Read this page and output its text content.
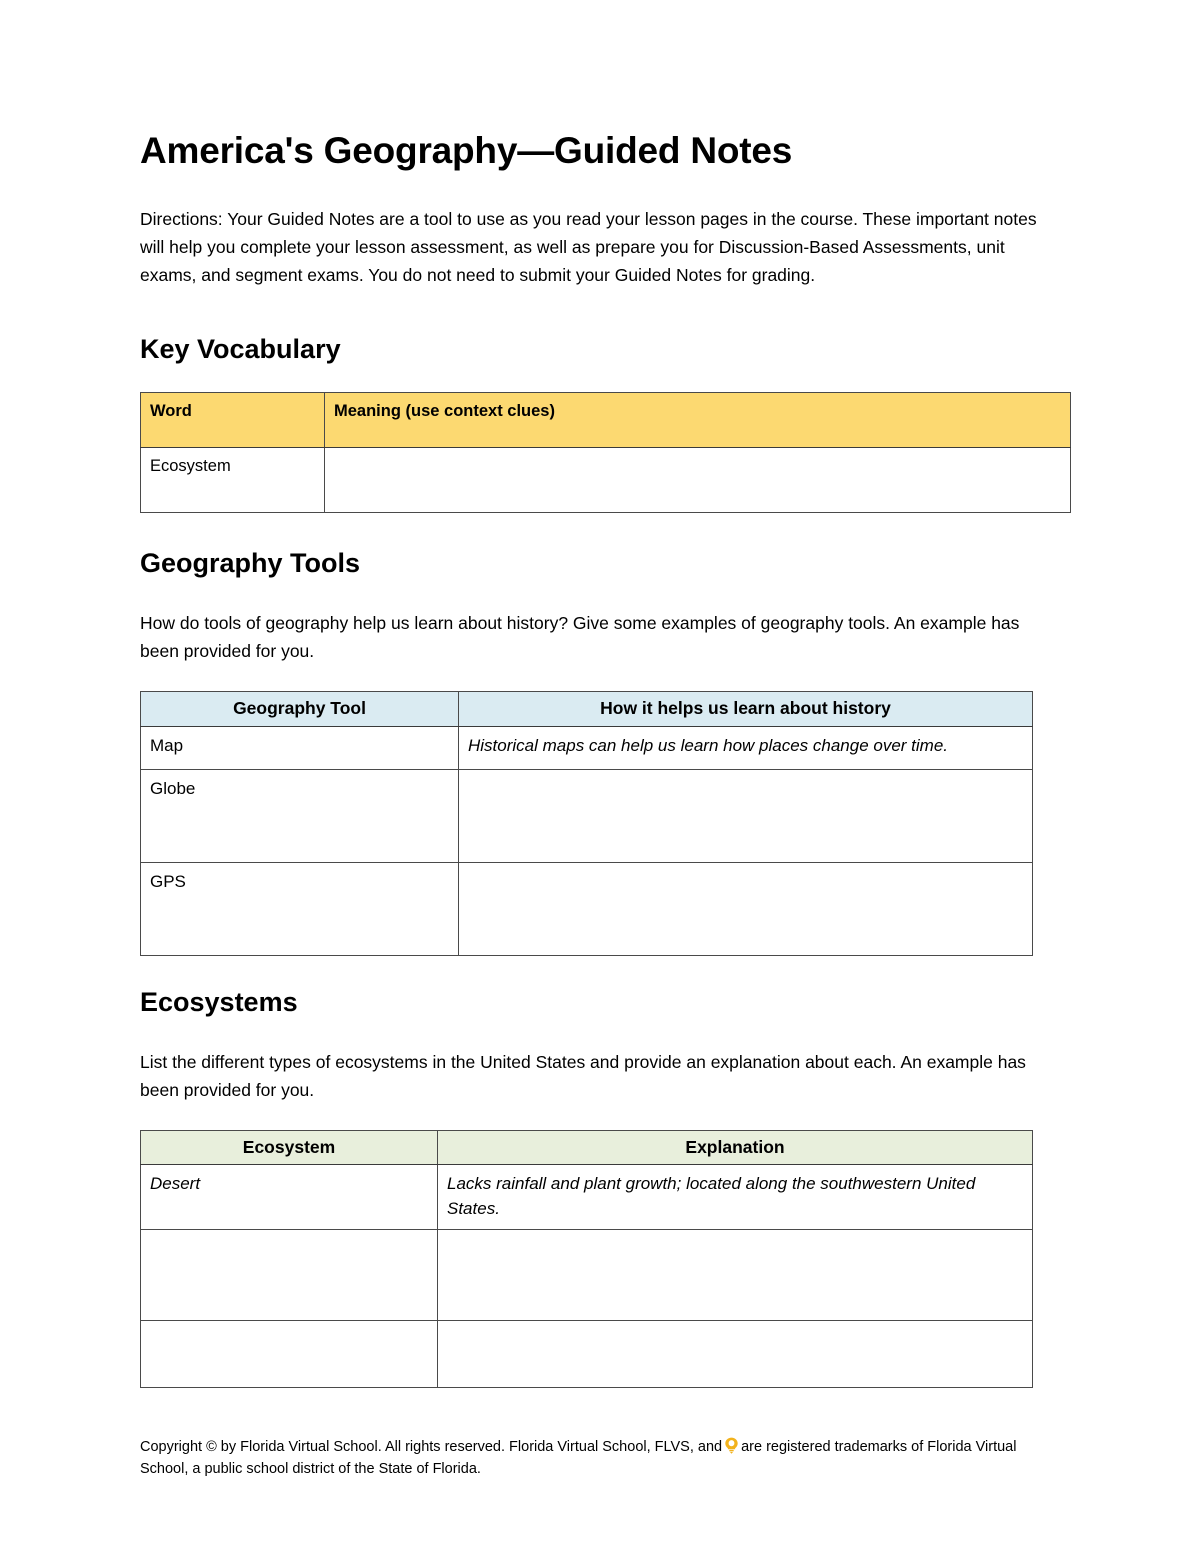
America's Geography—Guided Notes

Directions: Your Guided Notes are a tool to use as you read your lesson pages in the course. These important notes will help you complete your lesson assessment, as well as prepare you for Discussion-Based Assessments, unit exams, and segment exams. You do not need to submit your Guided Notes for grading.

Key Vocabulary
Word	Meaning (use context clues)
Ecosystem	
Geography Tools

How do tools of geography help us learn about history? Give some examples of geography tools. An example has been provided for you.

Geography Tool	How it helps us learn about history
Map	Historical maps can help us learn how places change over time.
Globe	
GPS	
Ecosystems

List the different types of ecosystems in the United States and provide an explanation about each. An example has been provided for you.

Ecosystem	Explanation
Desert	Lacks rainfall and plant growth; located along the southwestern United States.

Copyright © by Florida Virtual School. All rights reserved. Florida Virtual School, FLVS, and are registered trademarks of Florida Virtual School, a public school district of the State of Florida.
